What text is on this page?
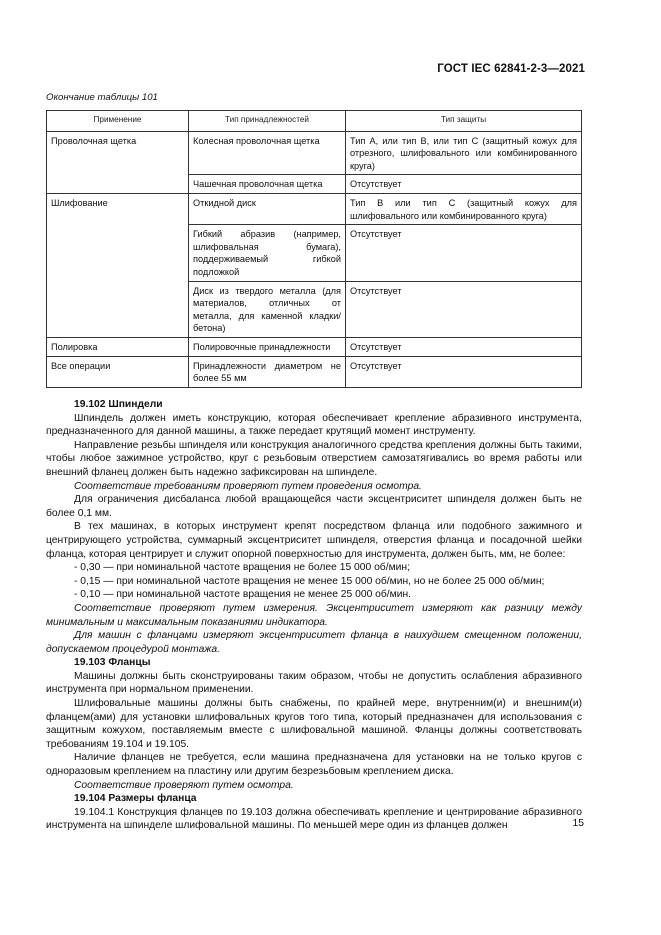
ГОСТ IEC 62841-2-3—2021
Окончание таблицы 101
Применение	Тип принадлежностей	Тип защиты
Проволочная щетка	Колесная проволочная щетка	Тип A, или тип B, или тип C (защитный кожух для отрезного, шлифовального или комбинированного круга)
	Чашечная проволочная щетка	Отсутствует
Шлифование	Откидной диск	Тип B или тип C (защитный кожух для шлифовального или комбинированного круга)
	Гибкий абразив (например, шлифовальная бумага), поддерживаемый гибкой подложкой	Отсутствует
	Диск из твердого металла (для материалов, отличных от металла, для каменной кладки/бетона)	Отсутствует
Полировка	Полировочные принадлежности	Отсутствует
Все операции	Принадлежности диаметром не более 55 мм	Отсутствует

19.102 Шпиндели

Шпиндель должен иметь конструкцию, которая обеспечивает крепление абразивного инструмента, предназначенного для данной машины, а также передает крутящий момент инструменту.

Направление резьбы шпинделя или конструкция аналогичного средства крепления должны быть такими, чтобы любое зажимное устройство, круг с резьбовым отверстием самозатягивались во время работы или внешний фланец должен быть надежно зафиксирован на шпинделе.

Соответствие требованиям проверяют путем проведения осмотра.

Для ограничения дисбаланса любой вращающейся части эксцентриситет шпинделя должен быть не более 0,1 мм.

В тех машинах, в которых инструмент крепят посредством фланца или подобного зажимного и центрирующего устройства, суммарный эксцентриситет шпинделя, отверстия фланца и посадочной шейки фланца, которая центрирует и служит опорной поверхностью для инструмента, должен быть, мм, не более:

- 0,30 — при номинальной частоте вращения не более 15 000 об/мин;

- 0,15 — при номинальной частоте вращения не менее 15 000 об/мин, но не более 25 000 об/мин;

- 0,10 — при номинальной частоте вращения не менее 25 000 об/мин.

Соответствие проверяют путем измерения. Эксцентриситет измеряют как разницу между минимальным и максимальным показаниями индикатора.

Для машин с фланцами измеряют эксцентриситет фланца в наихудшем смещенном положении, допускаемом процедурой монтажа.

19.103 Фланцы

Машины должны быть сконструированы таким образом, чтобы не допустить ослабления абразивного инструмента при нормальном применении.

Шлифовальные машины должны быть снабжены, по крайней мере, внутренним(и) и внешним(и) фланцем(ами) для установки шлифовальных кругов того типа, который предназначен для использования с защитным кожухом, поставляемым вместе с шлифовальной машиной. Фланцы должны соответствовать требованиям 19.104 и 19.105.

Наличие фланцев не требуется, если машина предназначена для установки на не только кругов с одноразовым креплением на пластину или другим безрезьбовым креплением диска.

Соответствие проверяют путем осмотра.

19.104 Размеры фланца

19.104.1 Конструкция фланцев по 19.103 должна обеспечивать крепление и центрирование абразивного инструмента на шпинделе шлифовальной машины. По меньшей мере один из фланцев должен	15
